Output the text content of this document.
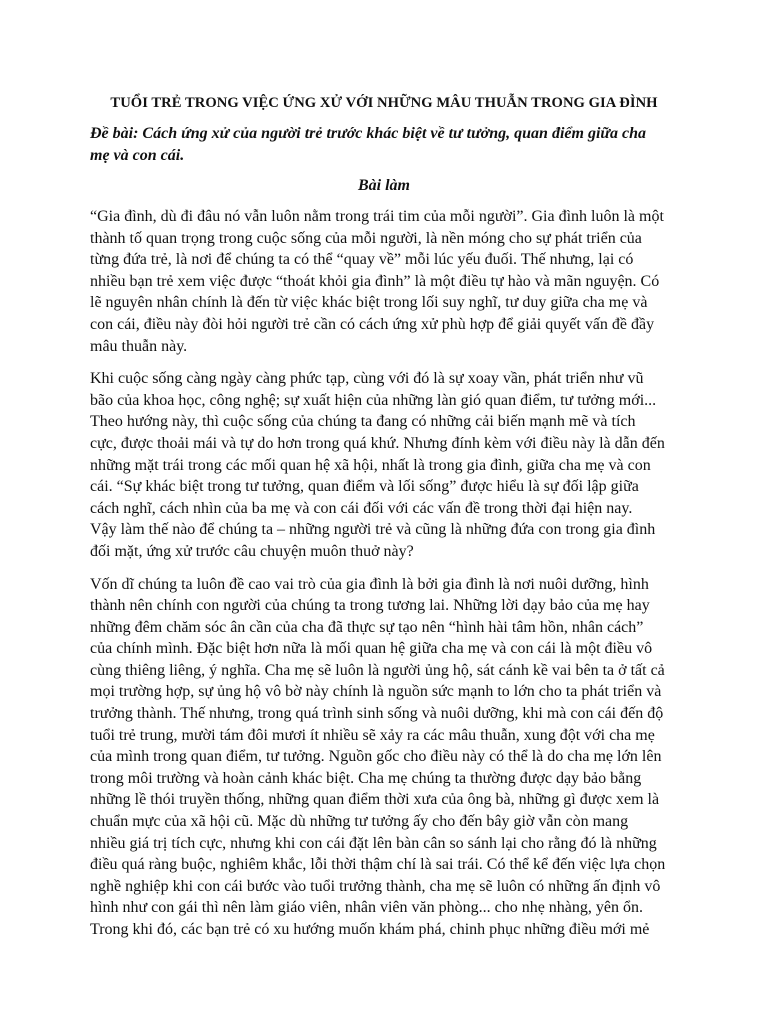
TUỔI TRẺ TRONG VIỆC ỨNG XỬ VỚI NHỮNG MÂU THUẪN TRONG GIA ĐÌNH
Đề bài: Cách ứng xử của người trẻ trước khác biệt về tư tưởng, quan điểm giữa cha
mẹ và con cái.
Bài làm

“Gia đình, dù đi đâu nó vẫn luôn nằm trong trái tim của mỗi người”. Gia đình luôn là một
thành tố quan trọng trong cuộc sống của mỗi người, là nền móng cho sự phát triển của
từng đứa trẻ, là nơi để chúng ta có thể “quay về” mỗi lúc yếu đuối. Thế nhưng, lại có
nhiều bạn trẻ xem việc được “thoát khỏi gia đình” là một điều tự hào và mãn nguyện. Có
lẽ nguyên nhân chính là đến từ việc khác biệt trong lối suy nghĩ, tư duy giữa cha mẹ và
con cái, điều này đòi hỏi người trẻ cần có cách ứng xử phù hợp để giải quyết vấn đề đầy
mâu thuẫn này.

Khi cuộc sống càng ngày càng phức tạp, cùng với đó là sự xoay vần, phát triển như vũ
bão của khoa học, công nghệ; sự xuất hiện của những làn gió quan điểm, tư tưởng mới...
Theo hướng này, thì cuộc sống của chúng ta đang có những cải biến mạnh mẽ và tích
cực, được thoải mái và tự do hơn trong quá khứ. Nhưng đính kèm với điều này là dẫn đến
những mặt trái trong các mối quan hệ xã hội, nhất là trong gia đình, giữa cha mẹ và con
cái. “Sự khác biệt trong tư tưởng, quan điểm và lối sống” được hiểu là sự đối lập giữa
cách nghĩ, cách nhìn của ba mẹ và con cái đối với các vấn đề trong thời đại hiện nay.
Vậy làm thế nào để chúng ta – những người trẻ và cũng là những đứa con trong gia đình
đối mặt, ứng xử trước câu chuyện muôn thuở này?

Vốn dĩ chúng ta luôn đề cao vai trò của gia đình là bởi gia đình là nơi nuôi dưỡng, hình
thành nên chính con người của chúng ta trong tương lai. Những lời dạy bảo của mẹ hay
những đêm chăm sóc ân cần của cha đã thực sự tạo nên “hình hài tâm hồn, nhân cách”
của chính mình. Đặc biệt hơn nữa là mối quan hệ giữa cha mẹ và con cái là một điều vô
cùng thiêng liêng, ý nghĩa. Cha mẹ sẽ luôn là người ủng hộ, sát cánh kề vai bên ta ở tất cả
mọi trường hợp, sự ủng hộ vô bờ này chính là nguồn sức mạnh to lớn cho ta phát triển và
trưởng thành. Thế nhưng, trong quá trình sinh sống và nuôi dưỡng, khi mà con cái đến độ
tuổi trẻ trung, mười tám đôi mươi ít nhiều sẽ xảy ra các mâu thuẫn, xung đột với cha mẹ
của mình trong quan điểm, tư tưởng. Nguồn gốc cho điều này có thể là do cha mẹ lớn lên
trong môi trường và hoàn cảnh khác biệt. Cha mẹ chúng ta thường được dạy bảo bằng
những lề thói truyền thống, những quan điểm thời xưa của ông bà, những gì được xem là
chuẩn mực của xã hội cũ. Mặc dù những tư tưởng ấy cho đến bây giờ vẫn còn mang
nhiều giá trị tích cực, nhưng khi con cái đặt lên bàn cân so sánh lại cho rằng đó là những
điều quá ràng buộc, nghiêm khắc, lỗi thời thậm chí là sai trái. Có thể kể đến việc lựa chọn
nghề nghiệp khi con cái bước vào tuổi trưởng thành, cha mẹ sẽ luôn có những ấn định vô
hình như con gái thì nên làm giáo viên, nhân viên văn phòng... cho nhẹ nhàng, yên ổn.
Trong khi đó, các bạn trẻ có xu hướng muốn khám phá, chinh phục những điều mới mẻ
